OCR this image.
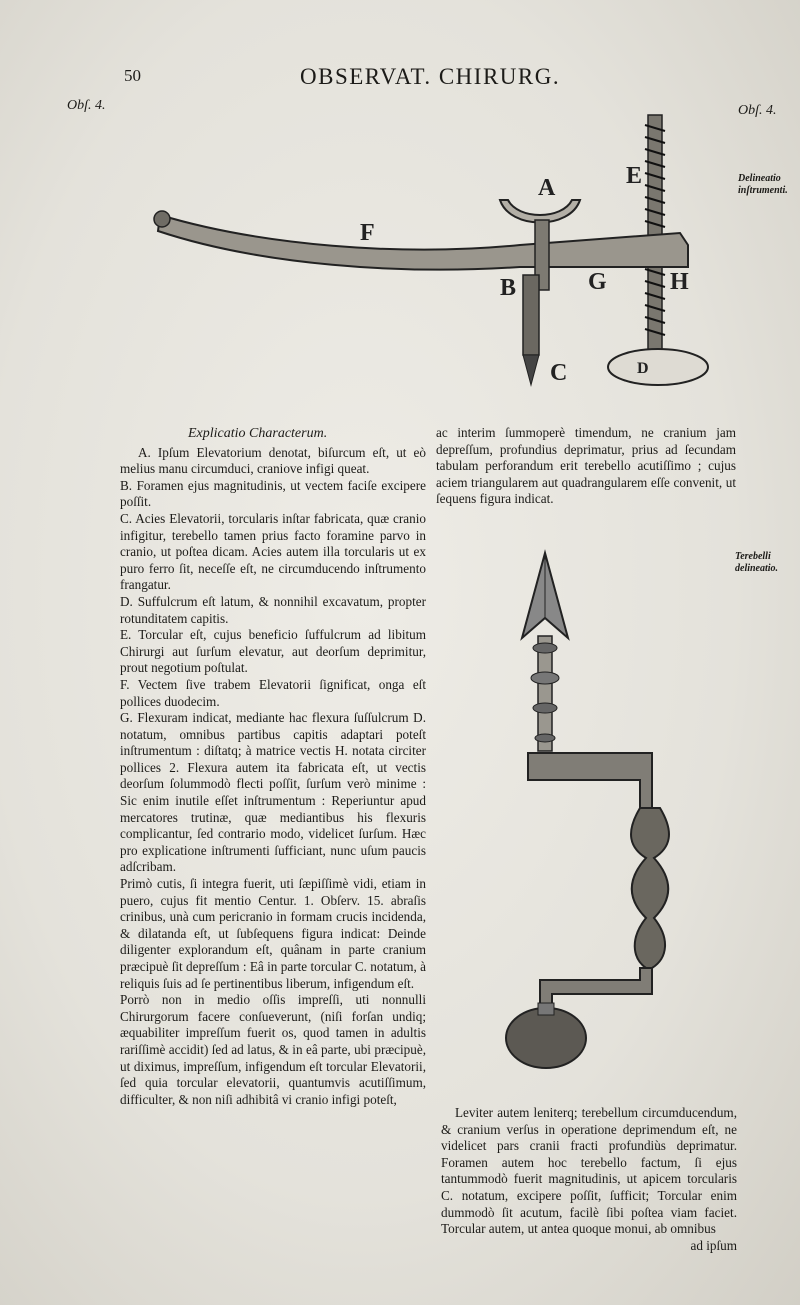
50	OBSERVAT. CHIRURG.
Obſ. 4.	Obſ. 4.
Delineatio inſtrumenti.
Terebelli delineatio.
A
B
C	D
E
F
G	H
Explicatio Characterum.

A. Ipſum Elevatorium denotat, biſurcum eſt, ut eò melius manu circumduci, craniove infigi queat.

B. Foramen ejus magnitudinis, ut vectem faciſe excipere poſſit.

C. Acies Elevatorii, torcularis inſtar fabricata, quæ cranio infigitur, terebello tamen prius facto foramine parvo in cranio, ut poſtea dicam. Acies autem illa torcularis ut ex puro ferro ſit, neceſſe eſt, ne circumducendo inſtrumento frangatur.

D. Suffulcrum eſt latum, & nonnihil excavatum, propter rotunditatem capitis.

E. Torcular eſt, cujus beneficio ſuffulcrum ad libitum Chirurgi aut ſurſum elevatur, aut deorſum deprimitur, prout negotium poſtulat.

F. Vectem ſive trabem Elevatorii ſignificat, onga eſt pollices duodecim.

G. Flexuram indicat, mediante hac flexura ſuſſulcrum D. notatum, omnibus partibus capitis adaptari poteſt inſtrumentum : diſtatq; à matrice vectis H. notata circiter pollices 2. Flexura autem ita fabricata eſt, ut vectis deorſum ſolummodò flecti poſſit, ſurſum verò minime : Sic enim inutile eſſet inſtrumentum : Reperiuntur apud mercatores trutinæ, quæ mediantibus his flexuris complicantur, ſed contrario modo, videlicet ſurſum. Hæc pro explicatione inſtrumenti ſufficiant, nunc uſum paucis adſcribam.

Primò cutis, ſi integra fuerit, uti ſæpiſſimè vidi, etiam in puero, cujus fit mentio Centur. 1. Obſerv. 15. abraſis crinibus, unà cum pericranio in formam crucis incidenda, & dilatanda eſt, ut ſubſequens figura indicat: Deinde diligenter explorandum eſt, quânam in parte cranium præcipuè ſit depreſſum : Eâ in parte torcular C. notatum, à reliquis ſuis ad ſe pertinentibus liberum, infigendum eſt.

Porrò non in medio oſſis impreſſi, uti nonnulli Chirurgorum facere conſueverunt, (niſi forſan undiq; æquabiliter impreſſum fuerit os, quod tamen in adultis rariſſimè accidit) ſed ad latus, & in eâ parte, ubi præcipuè, ut diximus, impreſſum, infigendum eſt torcular Elevatorii, ſed quia torcular elevatorii, quantumvis acutiſſimum, difficulter, & non niſi adhibitâ vi cranio infigi poteſt,

ac interim ſummoperè timendum, ne cranium jam depreſſum, profundius deprimatur, prius ad ſecundam tabulam perforandum erit terebello acutiſſimo ; cujus aciem triangularem aut quadrangularem eſſe convenit, ut ſequens figura indicat.

Leviter autem leniterq; terebellum circumducendum, & cranium verſus in operatione deprimendum eſt, ne videlicet pars cranii fracti profundiùs deprimatur. Foramen autem hoc terebello factum, ſi ejus tantummodò fuerit magnitudinis, ut apicem torcularis C. notatum, excipere poſſit, ſufficit; Torcular enim dummodò ſit acutum, facilè ſibi poſtea viam faciet. Torcular autem, ut antea quoque monui, ab omnibus

ad ipſum
